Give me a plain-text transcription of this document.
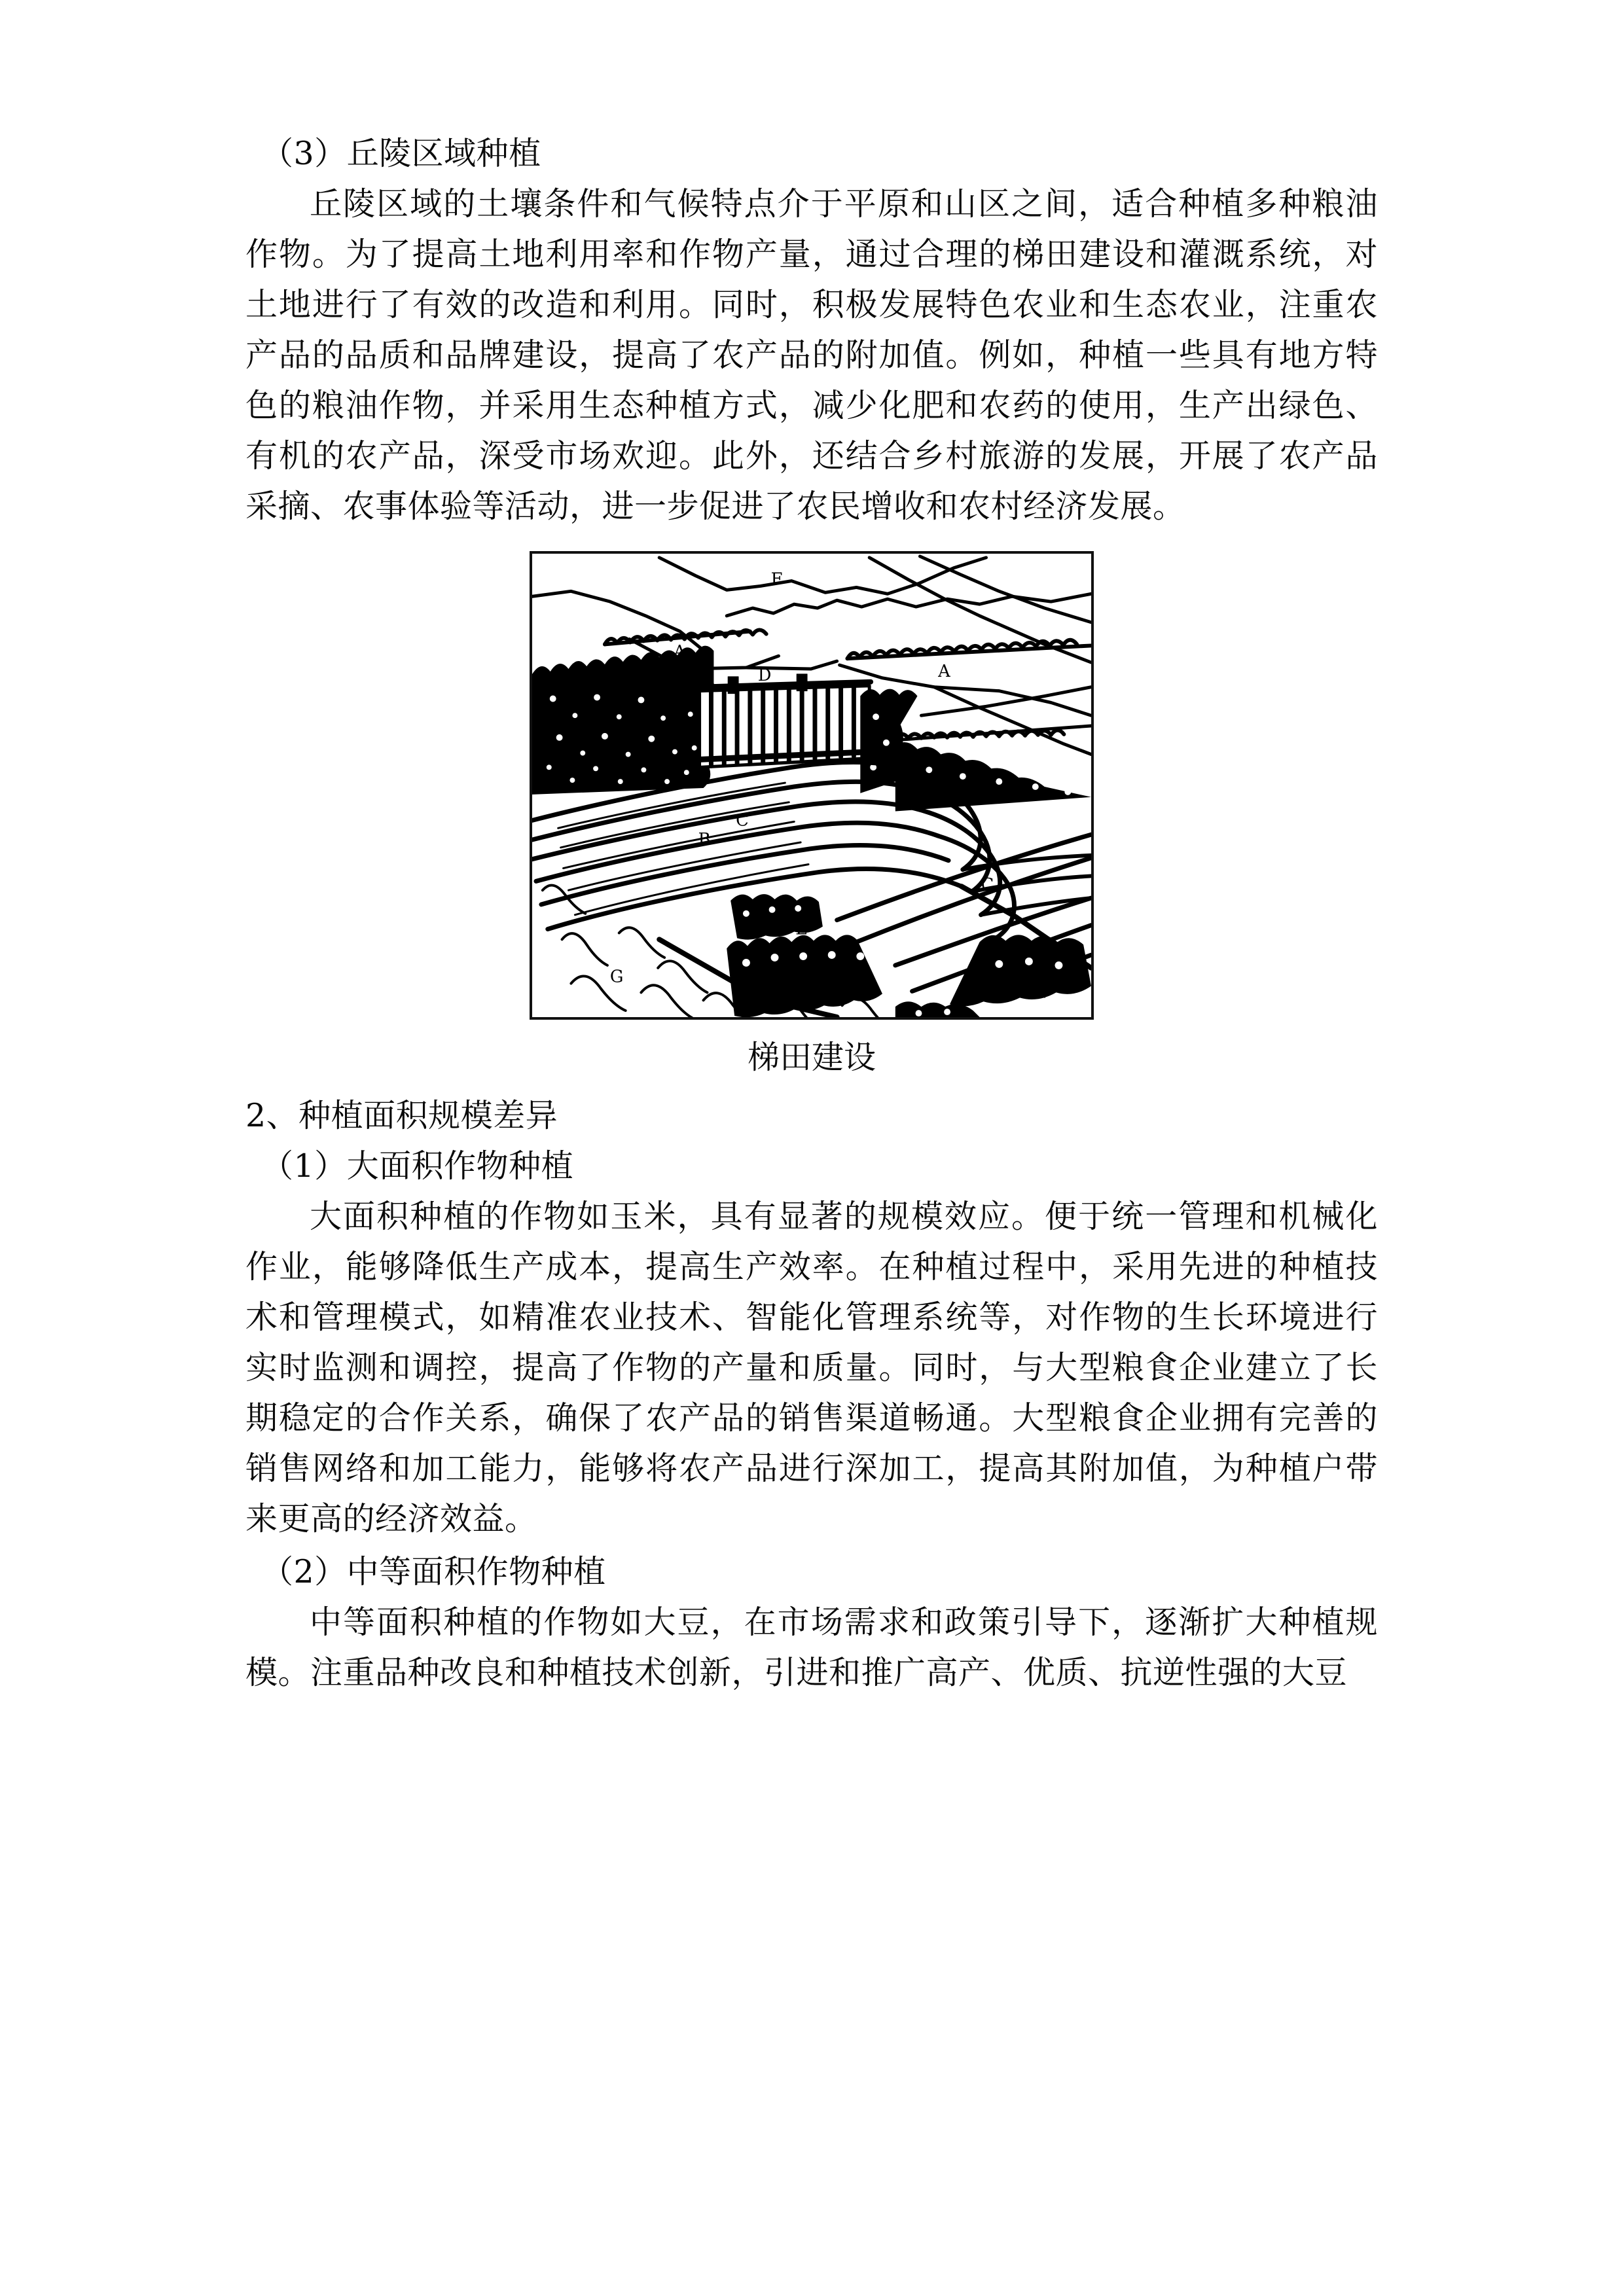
（3）丘陵区域种植

丘陵区域的土壤条件和气候特点介于平原和山区之间，适合种植多种粮油作物。为了提高土地利用率和作物产量，通过合理的梯田建设和灌溉系统，对土地进行了有效的改造和利用。同时，积极发展特色农业和生态农业，注重农产品的品质和品牌建设，提高了农产品的附加值。例如，种植一些具有地方特色的粮油作物，并采用生态种植方式，减少化肥和农药的使用，生产出绿色、有机的农产品，深受市场欢迎。此外，还结合乡村旅游的发展，开展了农产品采摘、农事体验等活动，进一步促进了农民增收和农村经济发展。

A
A
B
C
C
C
D
E
F
G
H
梯田建设

2、种植面积规模差异

（1）大面积作物种植

大面积种植的作物如玉米，具有显著的规模效应。便于统一管理和机械化作业，能够降低生产成本，提高生产效率。在种植过程中，采用先进的种植技术和管理模式，如精准农业技术、智能化管理系统等，对作物的生长环境进行实时监测和调控，提高了作物的产量和质量。同时，与大型粮食企业建立了长期稳定的合作关系，确保了农产品的销售渠道畅通。大型粮食企业拥有完善的销售网络和加工能力，能够将农产品进行深加工，提高其附加值，为种植户带来更高的经济效益。

（2）中等面积作物种植

中等面积种植的作物如大豆，在市场需求和政策引导下，逐渐扩大种植规模。注重品种改良和种植技术创新，引进和推广高产、优质、抗逆性强的大豆
